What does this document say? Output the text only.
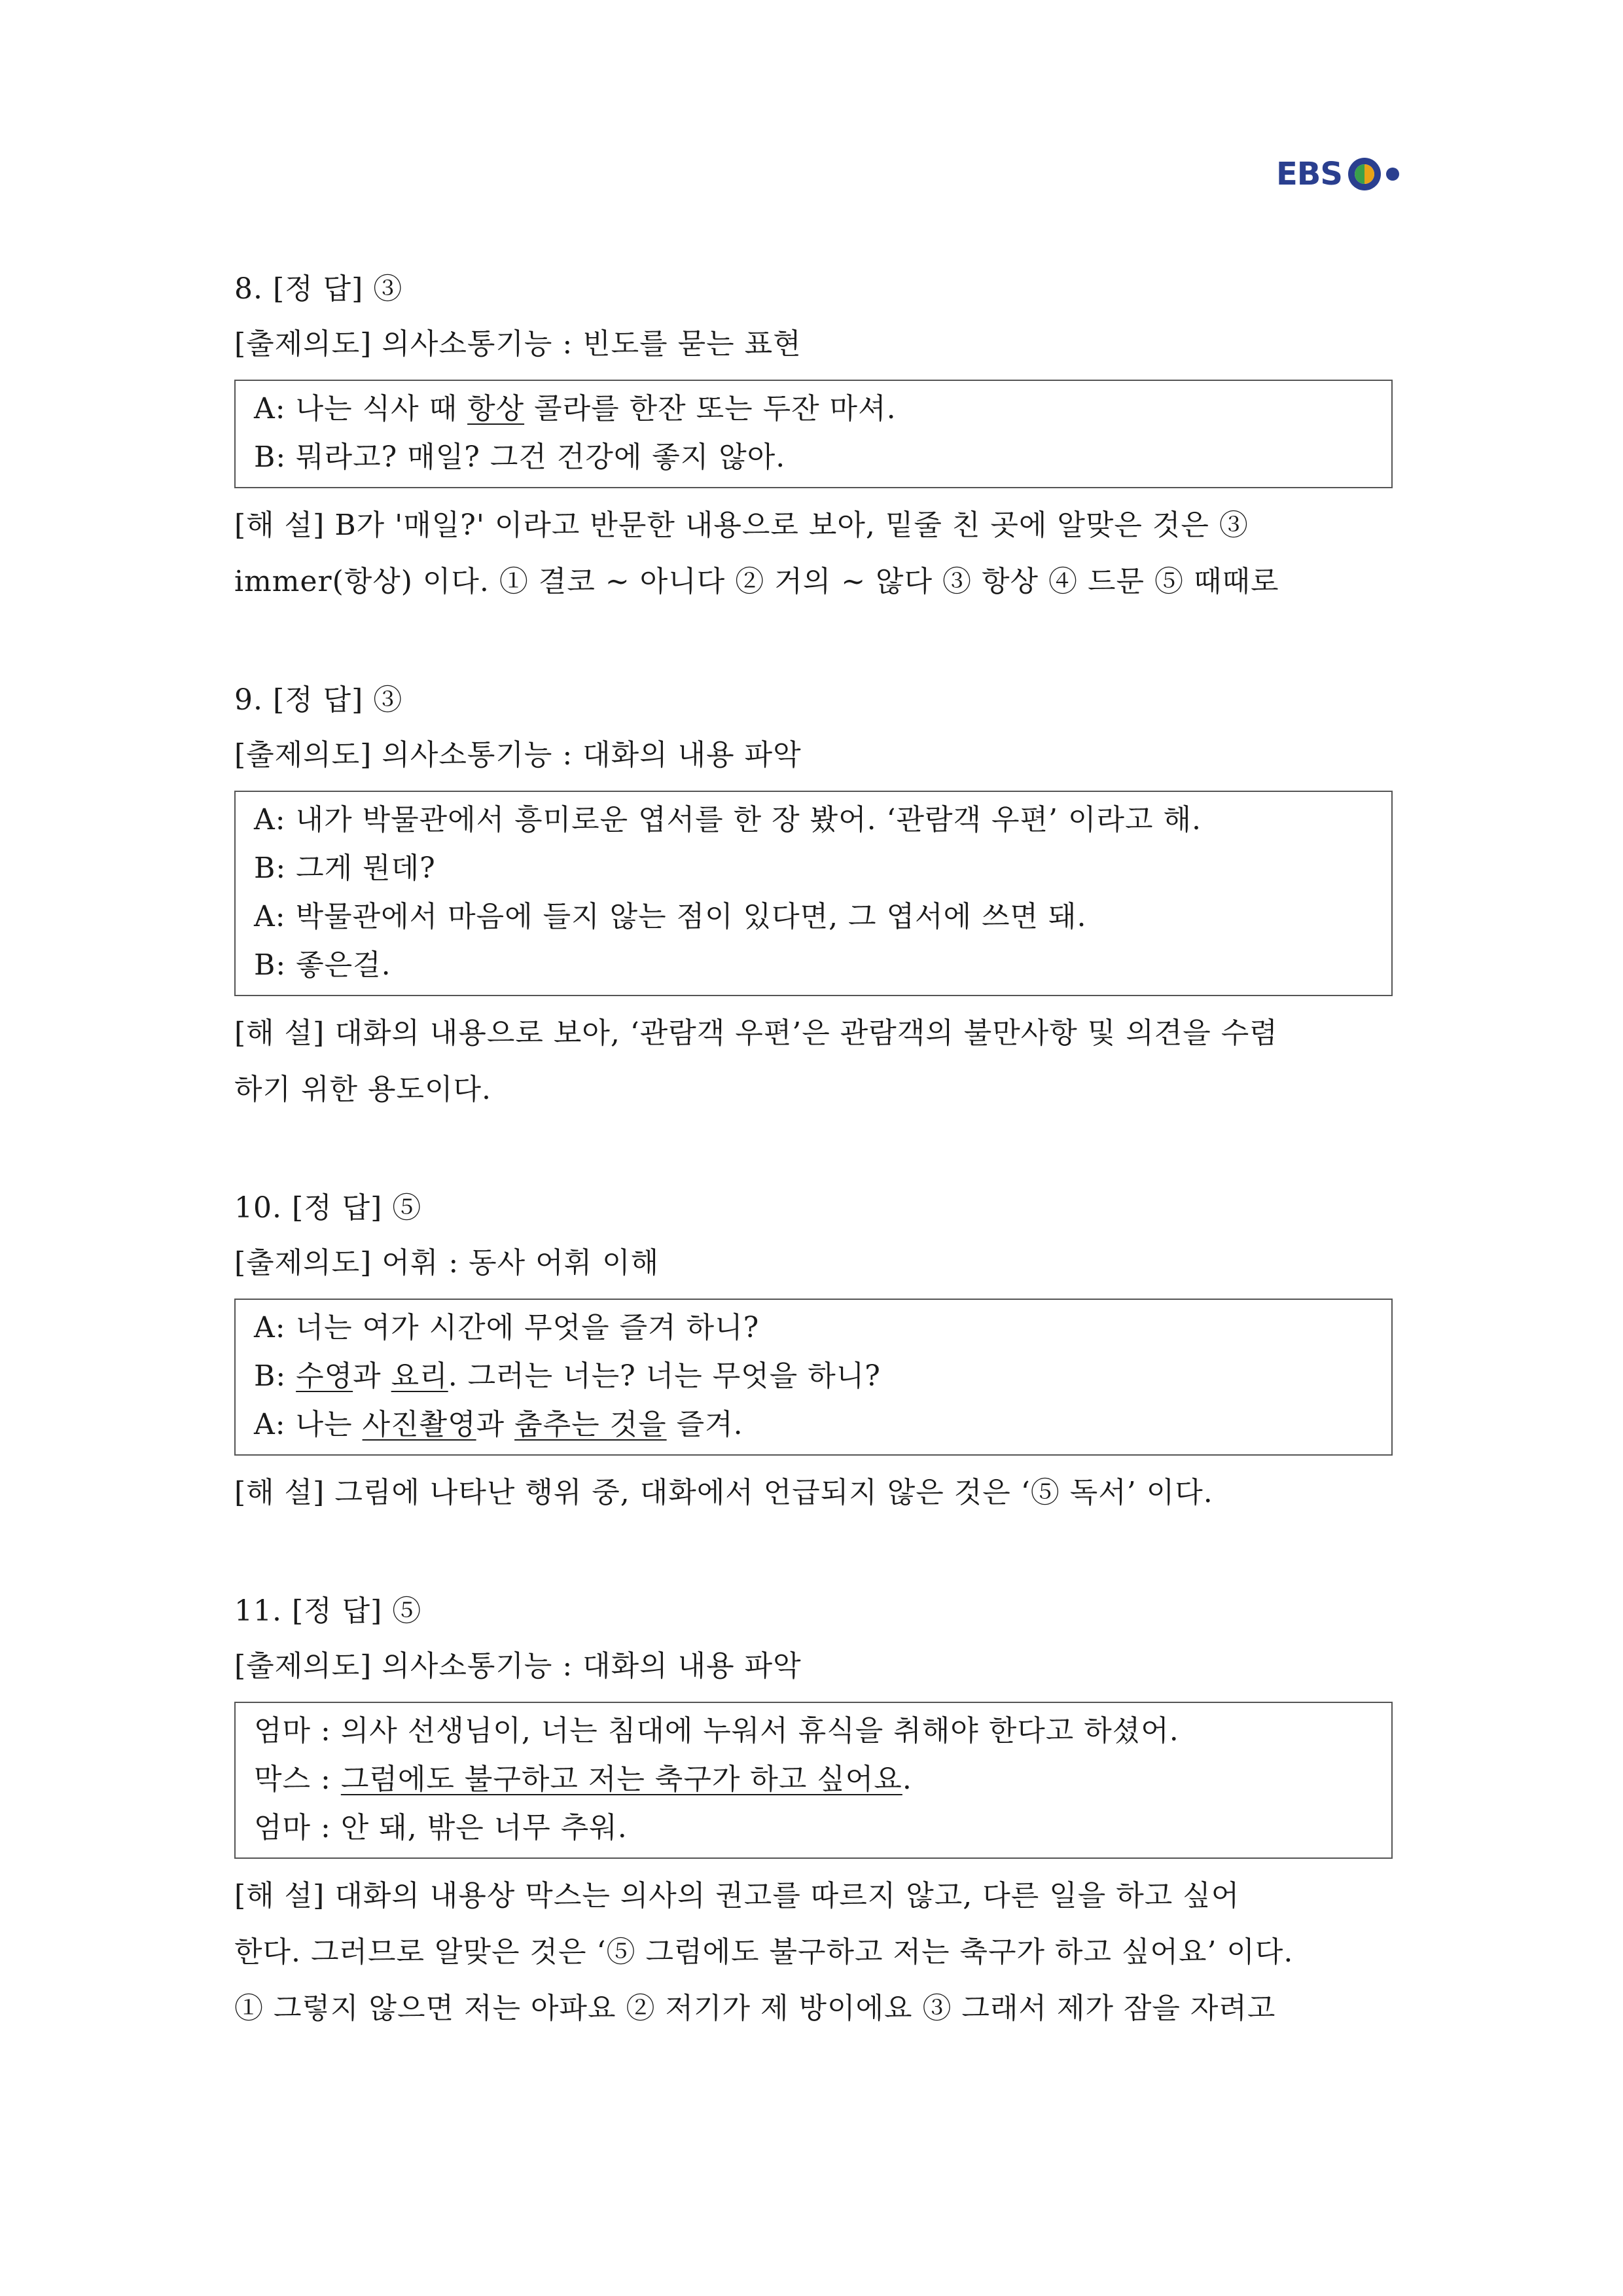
EBS
8. [정 답] ③
[출제의도] 의사소통기능 : 빈도를 묻는 표현
A: 나는 식사 때 항상 콜라를 한잔 또는 두잔 마셔.
B: 뭐라고? 매일? 그건 건강에 좋지 않아.
[해 설] B가 '매일?' 이라고 반문한 내용으로 보아, 밑줄 친 곳에 알맞은 것은 ③
immer(항상) 이다. ① 결코 ~ 아니다 ② 거의 ~ 않다 ③ 항상 ④ 드문 ⑤ 때때로
9. [정 답] ③
[출제의도] 의사소통기능 : 대화의 내용 파악
A: 내가 박물관에서 흥미로운 엽서를 한 장 봤어. ‘관람객 우편’ 이라고 해.
B: 그게 뭔데?
A: 박물관에서 마음에 들지 않는 점이 있다면, 그 엽서에 쓰면 돼.
B: 좋은걸.
[해 설] 대화의 내용으로 보아, ‘관람객 우편’은 관람객의 불만사항 및 의견을 수렴
하기 위한 용도이다.
10. [정 답] ⑤
[출제의도] 어휘 : 동사 어휘 이해
A: 너는 여가 시간에 무엇을 즐겨 하니?
B: 수영과 요리. 그러는 너는? 너는 무엇을 하니?
A: 나는 사진촬영과 춤추는 것을 즐겨.
[해 설] 그림에 나타난 행위 중, 대화에서 언급되지 않은 것은 ‘⑤ 독서’ 이다.
11. [정 답] ⑤
[출제의도] 의사소통기능 : 대화의 내용 파악
엄마 : 의사 선생님이, 너는 침대에 누워서 휴식을 취해야 한다고 하셨어.
막스 : 그럼에도 불구하고 저는 축구가 하고 싶어요.
엄마 : 안 돼, 밖은 너무 추워.
[해 설] 대화의 내용상 막스는 의사의 권고를 따르지 않고, 다른 일을 하고 싶어
한다. 그러므로 알맞은 것은 ‘⑤ 그럼에도 불구하고 저는 축구가 하고 싶어요’ 이다.
① 그렇지 않으면 저는 아파요 ② 저기가 제 방이에요 ③ 그래서 제가 잠을 자려고
